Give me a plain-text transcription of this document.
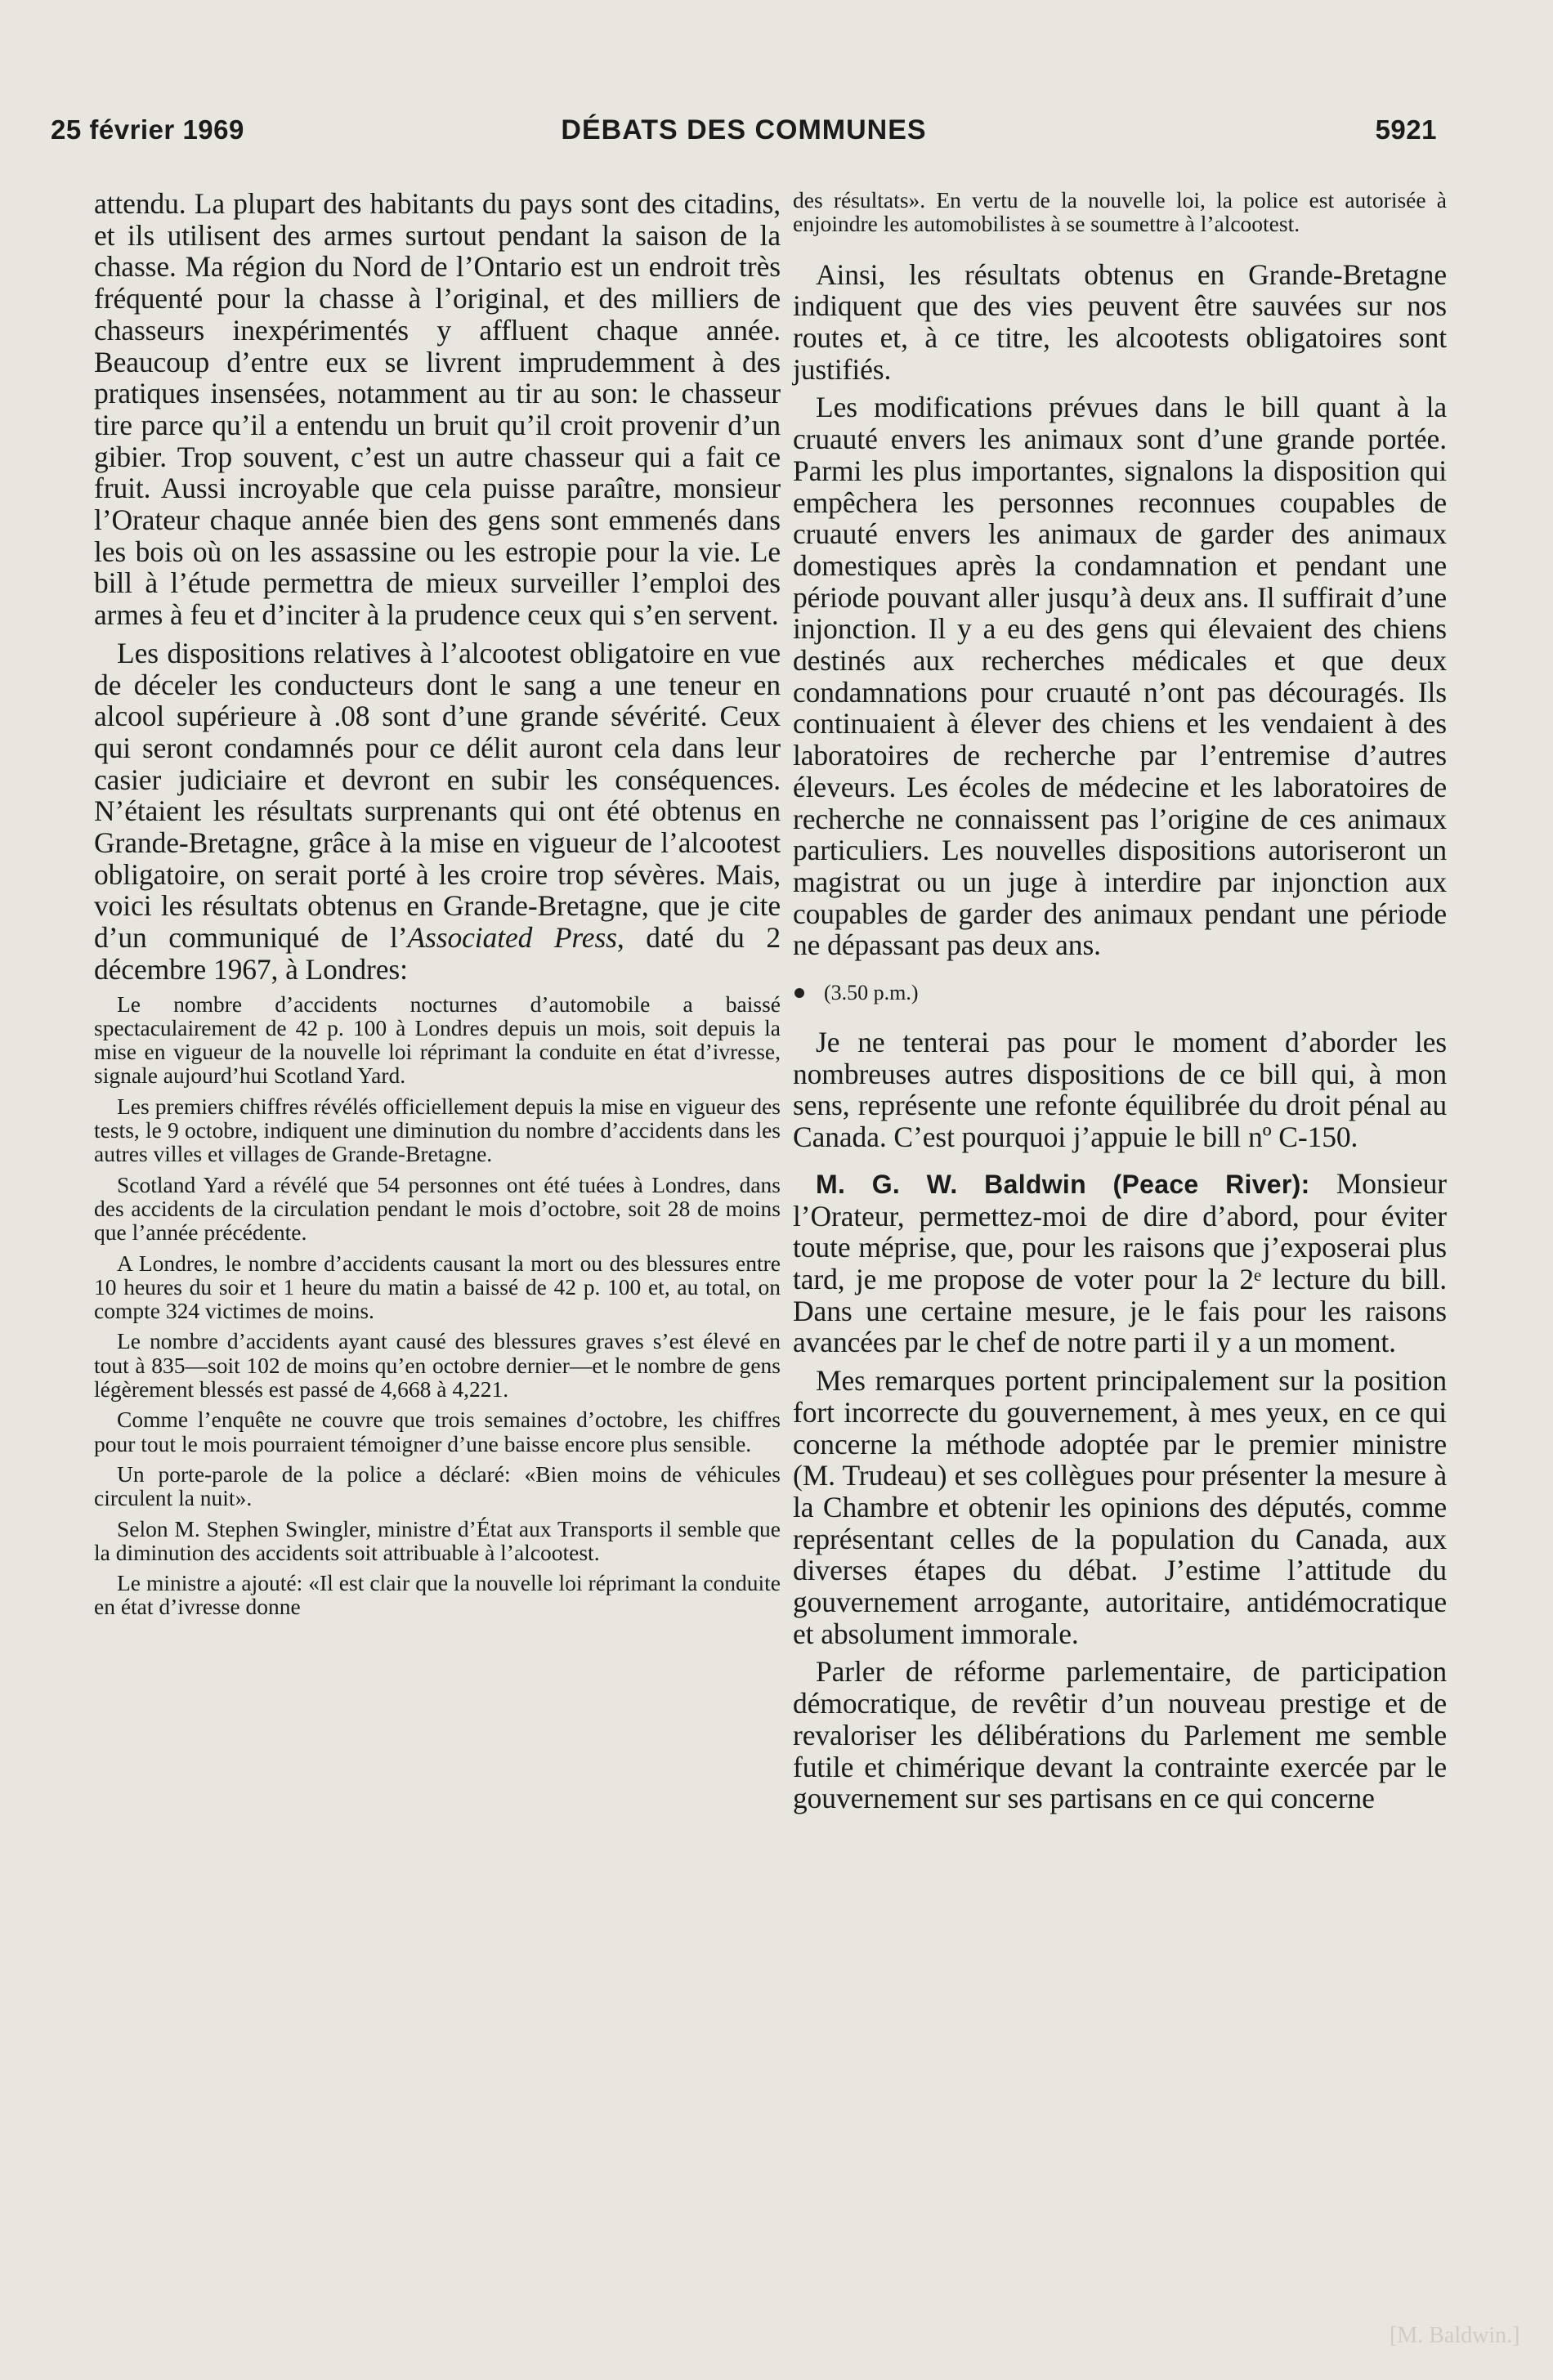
25 février 1969	DÉBATS DES COMMUNES	5921

attendu. La plupart des habitants du pays sont des citadins, et ils utilisent des armes surtout pendant la saison de la chasse. Ma région du Nord de l’Ontario est un endroit très fréquenté pour la chasse à l’original, et des milliers de chasseurs inexpérimentés y affluent chaque année. Beaucoup d’entre eux se livrent imprudemment à des pratiques insensées, notamment au tir au son: le chasseur tire parce qu’il a entendu un bruit qu’il croit provenir d’un gibier. Trop souvent, c’est un autre chasseur qui a fait ce fruit. Aussi incroyable que cela puisse paraître, monsieur l’Orateur chaque année bien des gens sont emmenés dans les bois où on les assassine ou les estropie pour la vie. Le bill à l’étude permettra de mieux surveiller l’emploi des armes à feu et d’inciter à la prudence ceux qui s’en servent.

Les dispositions relatives à l’alcootest obligatoire en vue de déceler les conducteurs dont le sang a une teneur en alcool supérieure à .08 sont d’une grande sévérité. Ceux qui seront condamnés pour ce délit auront cela dans leur casier judiciaire et devront en subir les conséquences. N’étaient les résultats surprenants qui ont été obtenus en Grande-Bretagne, grâce à la mise en vigueur de l’alcootest obligatoire, on serait porté à les croire trop sévères. Mais, voici les résultats obtenus en Grande-Bretagne, que je cite d’un communiqué de l’Associated Press, daté du 2 décembre 1967, à Londres:

Le nombre d’accidents nocturnes d’automobile a baissé spectaculairement de 42 p. 100 à Londres depuis un mois, soit depuis la mise en vigueur de la nouvelle loi réprimant la conduite en état d’ivresse, signale aujourd’hui Scotland Yard.

Les premiers chiffres révélés officiellement depuis la mise en vigueur des tests, le 9 octobre, indiquent une diminution du nombre d’accidents dans les autres villes et villages de Grande-Bretagne.

Scotland Yard a révélé que 54 personnes ont été tuées à Londres, dans des accidents de la circulation pendant le mois d’octobre, soit 28 de moins que l’année précédente.

A Londres, le nombre d’accidents causant la mort ou des blessures entre 10 heures du soir et 1 heure du matin a baissé de 42 p. 100 et, au total, on compte 324 victimes de moins.

Le nombre d’accidents ayant causé des blessures graves s’est élevé en tout à 835—soit 102 de moins qu’en octobre dernier—et le nombre de gens légèrement blessés est passé de 4,668 à 4,221.

Comme l’enquête ne couvre que trois semaines d’octobre, les chiffres pour tout le mois pourraient témoigner d’une baisse encore plus sensible.

Un porte-parole de la police a déclaré: «Bien moins de véhicules circulent la nuit».

Selon M. Stephen Swingler, ministre d’État aux Transports il semble que la diminution des accidents soit attribuable à l’alcootest.

Le ministre a ajouté: «Il est clair que la nouvelle loi réprimant la conduite en état d’ivresse donne

des résultats». En vertu de la nouvelle loi, la police est autorisée à enjoindre les automobilistes à se soumettre à l’alcootest.

Ainsi, les résultats obtenus en Grande-Bretagne indiquent que des vies peuvent être sauvées sur nos routes et, à ce titre, les alcootests obligatoires sont justifiés.

Les modifications prévues dans le bill quant à la cruauté envers les animaux sont d’une grande portée. Parmi les plus importantes, signalons la disposition qui empêchera les personnes reconnues coupables de cruauté envers les animaux de garder des animaux domestiques après la condamnation et pendant une période pouvant aller jusqu’à deux ans. Il suffirait d’une injonction. Il y a eu des gens qui élevaient des chiens destinés aux recherches médicales et que deux condamnations pour cruauté n’ont pas découragés. Ils continuaient à élever des chiens et les vendaient à des laboratoires de recherche par l’entremise d’autres éleveurs. Les écoles de médecine et les laboratoires de recherche ne connaissent pas l’origine de ces animaux particuliers. Les nouvelles dispositions autoriseront un magistrat ou un juge à interdire par injonction aux coupables de garder des animaux pendant une période ne dépassant pas deux ans.

(3.50 p.m.)

Je ne tenterai pas pour le moment d’aborder les nombreuses autres dispositions de ce bill qui, à mon sens, représente une refonte équilibrée du droit pénal au Canada. C’est pourquoi j’appuie le bill nº C-150.

M. G. W. Baldwin (Peace River): Monsieur l’Orateur, permettez-moi de dire d’abord, pour éviter toute méprise, que, pour les raisons que j’exposerai plus tard, je me propose de voter pour la 2ᵉ lecture du bill. Dans une certaine mesure, je le fais pour les raisons avancées par le chef de notre parti il y a un moment.

Mes remarques portent principalement sur la position fort incorrecte du gouvernement, à mes yeux, en ce qui concerne la méthode adoptée par le premier ministre (M. Trudeau) et ses collègues pour présenter la mesure à la Chambre et obtenir les opinions des députés, comme représentant celles de la population du Canada, aux diverses étapes du débat. J’estime l’attitude du gouvernement arrogante, autoritaire, antidémocratique et absolument immorale.

Parler de réforme parlementaire, de participation démocratique, de revêtir d’un nouveau prestige et de revaloriser les délibérations du Parlement me semble futile et chimérique devant la contrainte exercée par le gouvernement sur ses partisans en ce qui concerne

[M. Baldwin.]
